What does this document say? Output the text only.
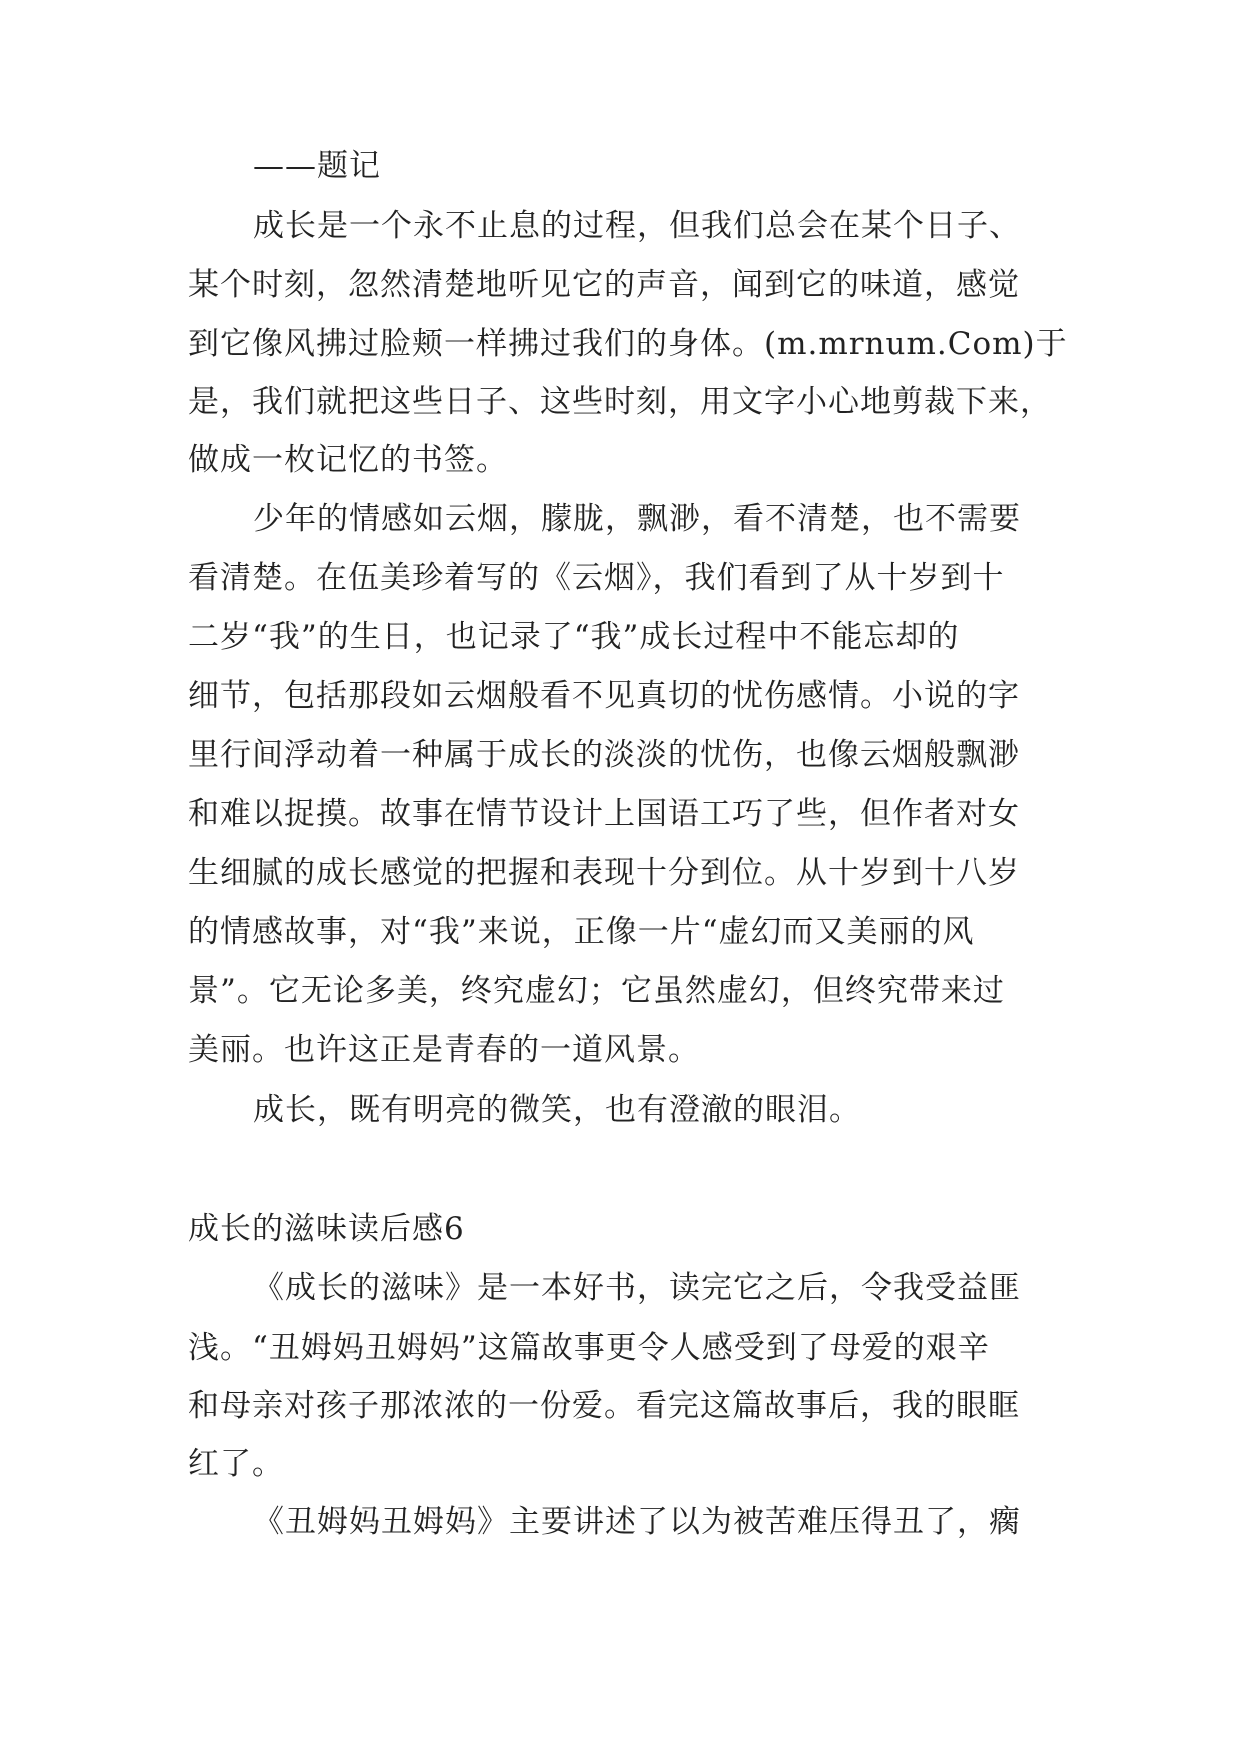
——题记
成长是一个永不止息的过程，但我们总会在某个日子、
某个时刻，忽然清楚地听见它的声音，闻到它的味道，感觉
到它像风拂过脸颊一样拂过我们的身体。(m.mrnum.Com)于
是，我们就把这些日子、这些时刻，用文字小心地剪裁下来，
做成一枚记忆的书签。
少年的情感如云烟，朦胧，飘渺，看不清楚，也不需要
看清楚。在伍美珍着写的《云烟》，我们看到了从十岁到十
二岁“我”的生日，也记录了“我”成长过程中不能忘却的
细节，包括那段如云烟般看不见真切的忧伤感情。小说的字
里行间浮动着一种属于成长的淡淡的忧伤，也像云烟般飘渺
和难以捉摸。故事在情节设计上国语工巧了些，但作者对女
生细腻的成长感觉的把握和表现十分到位。从十岁到十八岁
的情感故事，对“我”来说，正像一片“虚幻而又美丽的风
景”。它无论多美，终究虚幻；它虽然虚幻，但终究带来过
美丽。也许这正是青春的一道风景。
成长，既有明亮的微笑，也有澄澈的眼泪。
成长的滋味读后感6
《成长的滋味》是一本好书，读完它之后，令我受益匪
浅。“丑姆妈丑姆妈”这篇故事更令人感受到了母爱的艰辛
和母亲对孩子那浓浓的一份爱。看完这篇故事后，我的眼眶
红了。
《丑姆妈丑姆妈》主要讲述了以为被苦难压得丑了，瘸
